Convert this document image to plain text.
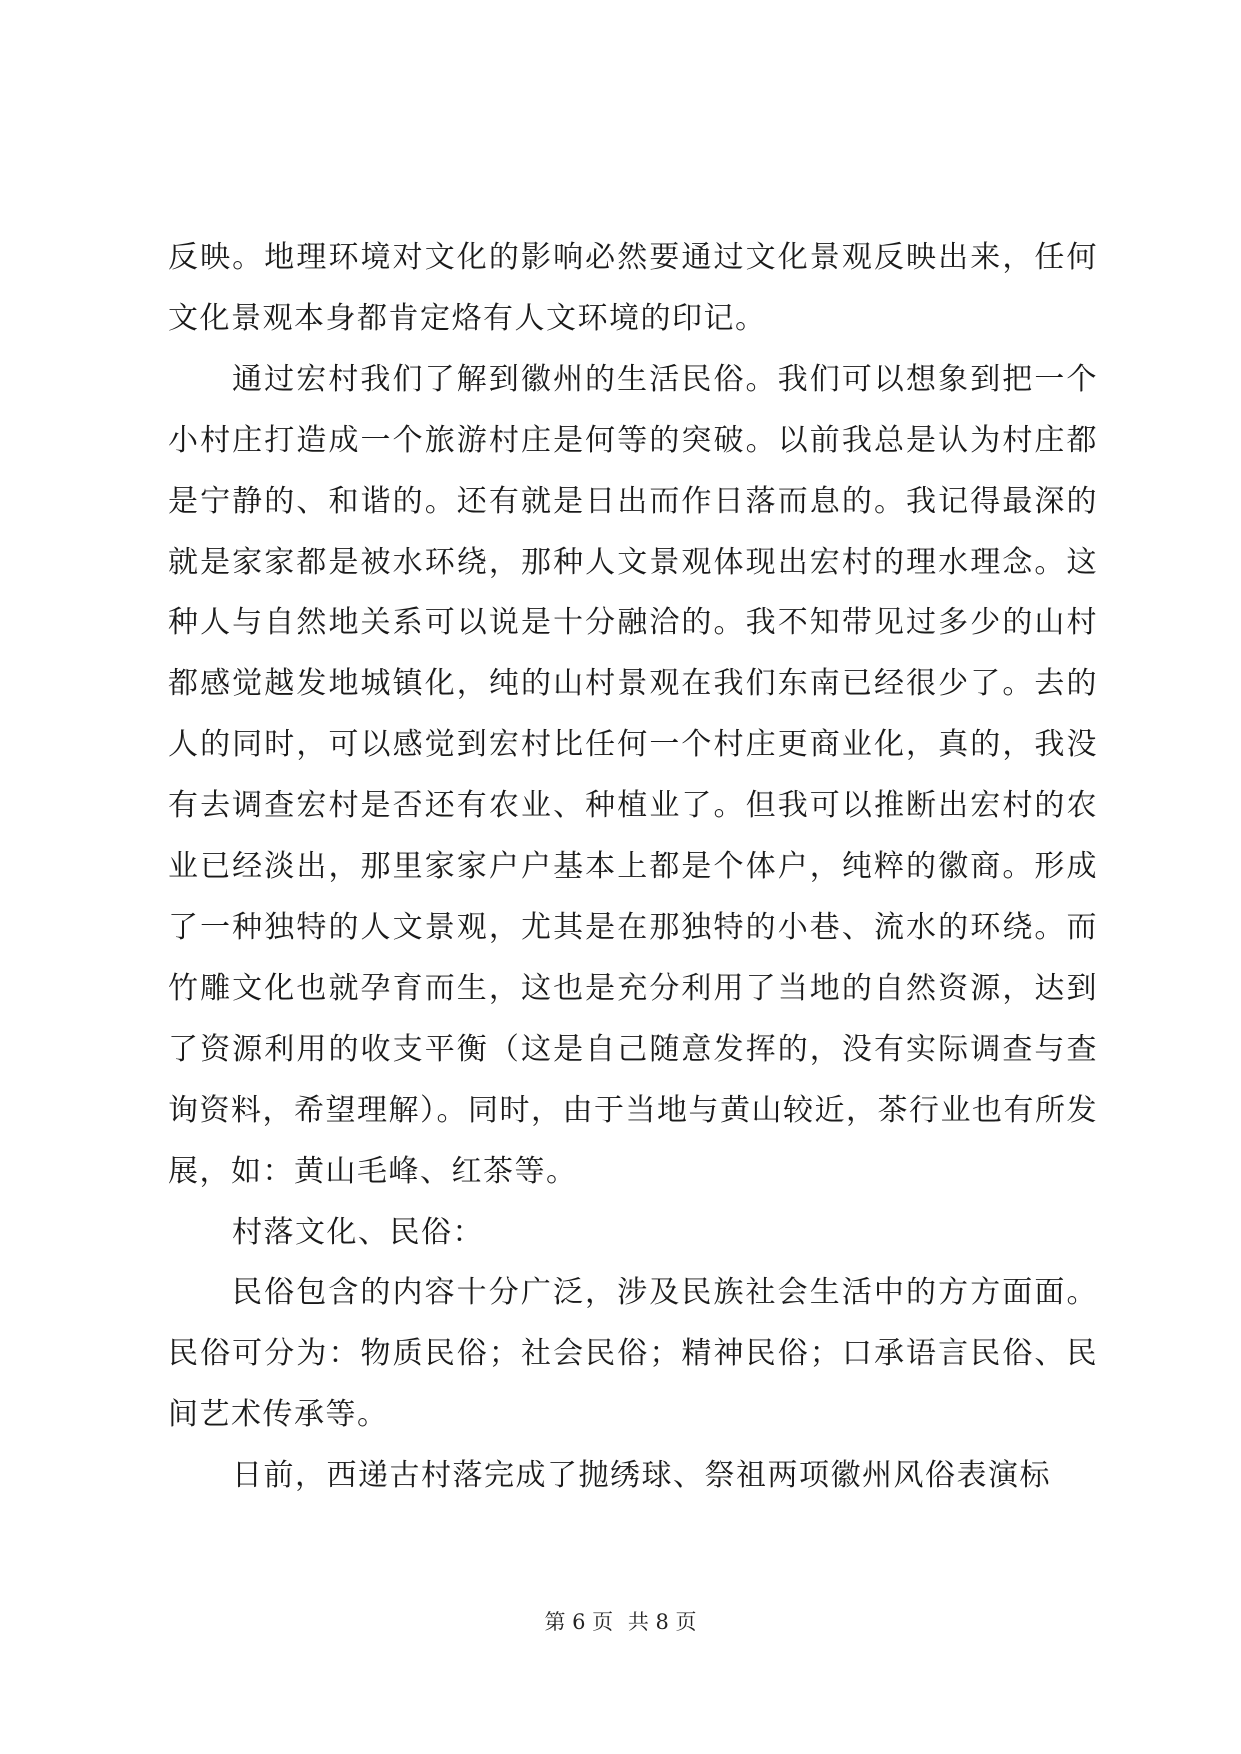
反映。地理环境对文化的影响必然要通过文化景观反映出来，任何文化景观本身都肯定烙有人文环境的印记。

通过宏村我们了解到徽州的生活民俗。我们可以想象到把一个小村庄打造成一个旅游村庄是何等的突破。以前我总是认为村庄都是宁静的、和谐的。还有就是日出而作日落而息的。我记得最深的就是家家都是被水环绕，那种人文景观体现出宏村的理水理念。这种人与自然地关系可以说是十分融洽的。我不知带见过多少的山村都感觉越发地城镇化，纯的山村景观在我们东南已经很少了。去的人的同时，可以感觉到宏村比任何一个村庄更商业化，真的，我没有去调查宏村是否还有农业、种植业了。但我可以推断出宏村的农业已经淡出，那里家家户户基本上都是个体户，纯粹的徽商。形成了一种独特的人文景观，尤其是在那独特的小巷、流水的环绕。而竹雕文化也就孕育而生，这也是充分利用了当地的自然资源，达到了资源利用的收支平衡（这是自己随意发挥的，没有实际调查与查询资料，希望理解）。同时，由于当地与黄山较近，茶行业也有所发展，如：黄山毛峰、红茶等。

村落文化、民俗：

民俗包含的内容十分广泛，涉及民族社会生活中的方方面面。民俗可分为：物质民俗；社会民俗；精神民俗；口承语言民俗、民间艺术传承等。

日前，西递古村落完成了抛绣球、祭祖两项徽州风俗表演标

第 6 页 共 8 页
